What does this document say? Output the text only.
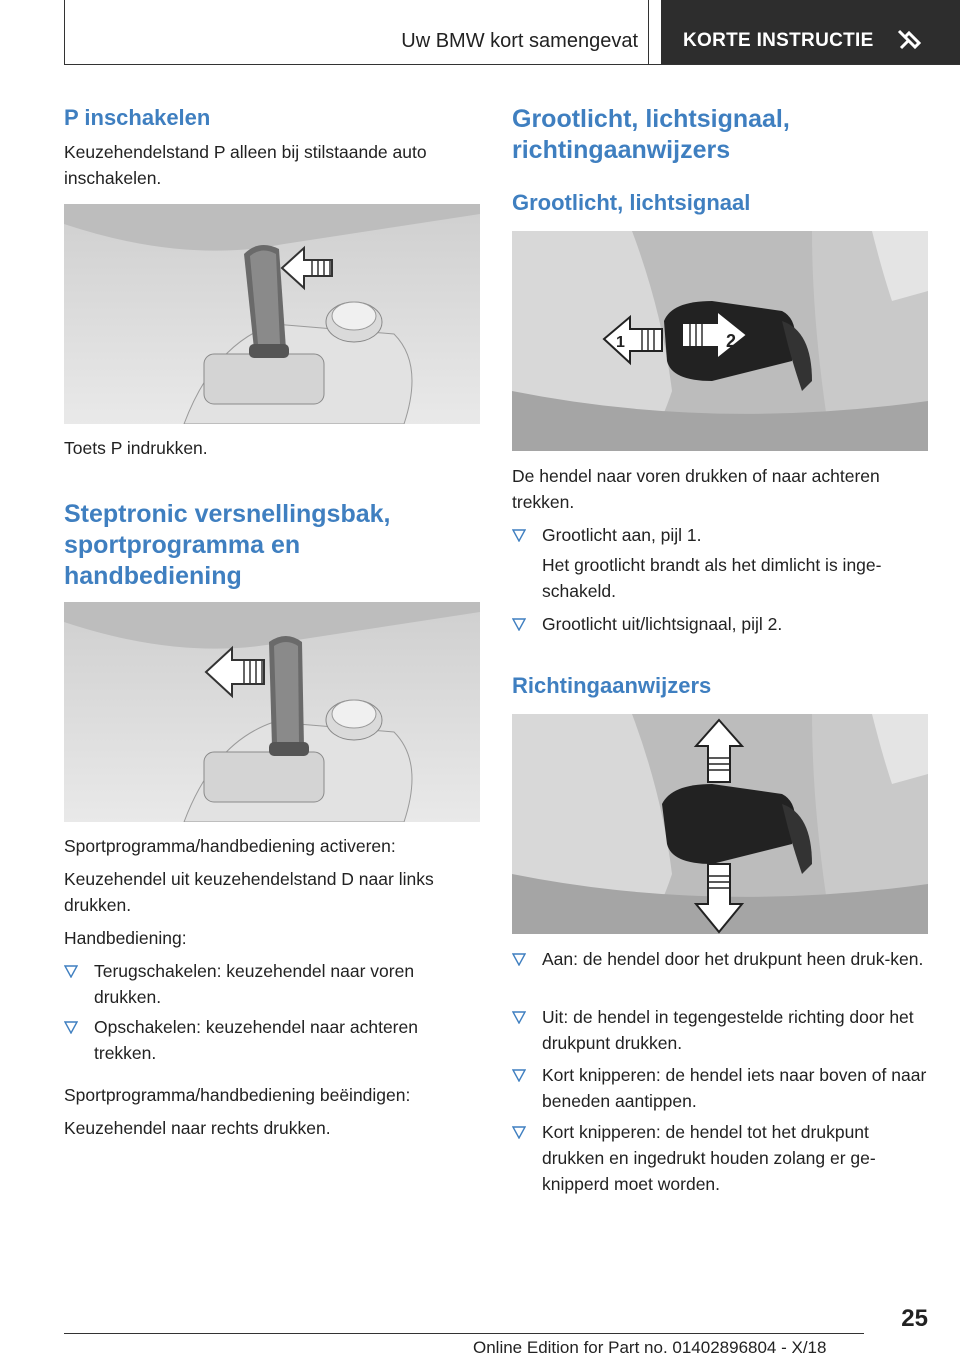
Uw BMW kort samengevat KORTE INSTRUCTIE
P inschakelen

Keuzehendelstand P alleen bij stilstaande auto inschakelen.

Toets P indrukken.

Steptronic versnellingsbak, sportprogramma en handbediening

Sportprogramma/handbediening activeren:

Keuzehendel uit keuzehendelstand D naar links drukken.

Handbediening:

Terugschakelen: keuzehendel naar voren drukken.
Opschakelen: keuzehendel naar achteren trekken.

Sportprogramma/handbediening beëindigen:

Keuzehendel naar rechts drukken.

Grootlicht, lichtsignaal, richtingaanwijzers
Grootlicht, lichtsignaal
1	2

De hendel naar voren drukken of naar achteren trekken.

Grootlicht aan, pijl 1.

Het grootlicht brandt als het dimlicht is inge-schakeld.

Grootlicht uit/lichtsignaal, pijl 2.
Richtingaanwijzers
Aan: de hendel door het drukpunt heen druk-ken.
Uit: de hendel in tegengestelde richting door het drukpunt drukken.
Kort knipperen: de hendel iets naar boven of naar beneden aantippen.
Kort knipperen: de hendel tot het drukpunt drukken en ingedrukt houden zolang er ge-knipperd moet worden.
25
Online Edition for Part no. 01402896804 - X/18
